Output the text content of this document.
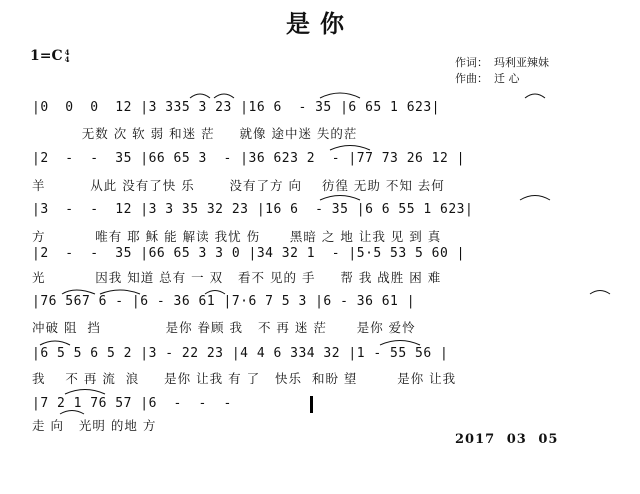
是你
1=C 4
4	作词： 玛利亚辣妹
作曲： 迁 心
|0  0  0  12 |3 335 3 23 |16 6  - 35 |6 65 1 623|
无数 次 软 弱 和迷 茫     就像 途中迷 失的茫
|2  -  -  35 |66 65 3  - |36 623 2  - |77 73 26 12 |
羊         从此 没有了快 乐       没有了方 向    彷徨 无助 不知 去何
|3  -  -  12 |3 3 35 32 23 |16 6  - 35 |6 6 55 1 623|
方          唯有 耶 稣 能 解读 我忧 伤      黑暗 之 地 让我 见 到 真
|2  -  -  35 |66 65 3 3 0 |34 32 1  - |5·5 53 5 60 |
光          因我 知道 总有 一 双   看不 见的 手     帮 我 战胜 困 难
|76 567 6 - |6 - 36 61 |7·6 7 5 3 |6 - 36 61 |
冲破 阻  挡             是你 眷顾 我   不 再 迷 茫      是你 爱怜
|6 5 5 6 5 2 |3 - 22 23 |4 4 6 334 32 |1 - 55 56 |
我    不 再 流  浪     是你 让我 有 了   快乐  和盼 望        是你 让我
|7 2 1 76 57 |6  -  -  -
走 向   光明 的地 方
2017 03 05
